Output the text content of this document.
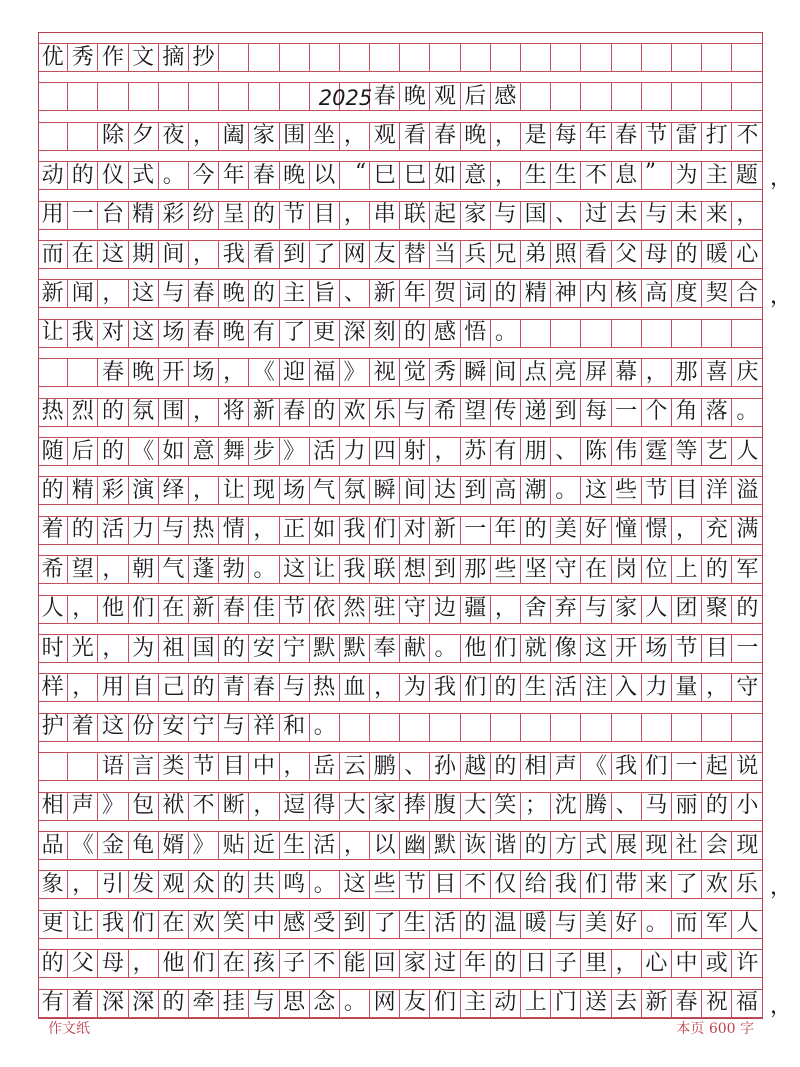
优 秀 作 文 摘 抄
春 晚 观 后 感
2025
除 夕 夜 ， 阖 家 围 坐 ， 观 看 春 晚 ， 是 每 年 春 节 雷 打 不
动 的 仪 式 。 今 年 春 晚 以 “ 巳 巳 如 意 ， 生 生 不 息 ” 为 主 题 ，
用 一 台 精 彩 纷 呈 的 节 目 ， 串 联 起 家 与 国 、 过 去 与 未 来 ，
而 在 这 期 间 ， 我 看 到 了 网 友 替 当 兵 兄 弟 照 看 父 母 的 暖 心
新 闻 ， 这 与 春 晚 的 主 旨 、 新 年 贺 词 的 精 神 内 核 高 度 契 合 ，
让 我 对 这 场 春 晚 有 了 更 深 刻 的 感 悟 。
春 晚 开 场 ， 《 迎 福 》 视 觉 秀 瞬 间 点 亮 屏 幕 ， 那 喜 庆
热 烈 的 氛 围 ， 将 新 春 的 欢 乐 与 希 望 传 递 到 每 一 个 角 落 。
随 后 的 《 如 意 舞 步 》 活 力 四 射 ， 苏 有 朋 、 陈 伟 霆 等 艺 人
的 精 彩 演 绎 ， 让 现 场 气 氛 瞬 间 达 到 高 潮 。 这 些 节 目 洋 溢
着 的 活 力 与 热 情 ， 正 如 我 们 对 新 一 年 的 美 好 憧 憬 ， 充 满
希 望 ， 朝 气 蓬 勃 。 这 让 我 联 想 到 那 些 坚 守 在 岗 位 上 的 军
人 ， 他 们 在 新 春 佳 节 依 然 驻 守 边 疆 ， 舍 弃 与 家 人 团 聚 的
时 光 ， 为 祖 国 的 安 宁 默 默 奉 献 。 他 们 就 像 这 开 场 节 目 一
样 ， 用 自 己 的 青 春 与 热 血 ， 为 我 们 的 生 活 注 入 力 量 ， 守
护 着 这 份 安 宁 与 祥 和 。
语 言 类 节 目 中 ， 岳 云 鹏 、 孙 越 的 相 声 《 我 们 一 起 说
相 声 》 包 袱 不 断 ， 逗 得 大 家 捧 腹 大 笑 ； 沈 腾 、 马 丽 的 小
品 《 金 龟 婿 》 贴 近 生 活 ， 以 幽 默 诙 谐 的 方 式 展 现 社 会 现
象 ， 引 发 观 众 的 共 鸣 。 这 些 节 目 不 仅 给 我 们 带 来 了 欢 乐 ，
更 让 我 们 在 欢 笑 中 感 受 到 了 生 活 的 温 暖 与 美 好 。 而 军 人
的 父 母 ， 他 们 在 孩 子 不 能 回 家 过 年 的 日 子 里 ， 心 中 或 许
有 着 深 深 的 牵 挂 与 思 念 。 网 友 们 主 动 上 门 送 去 新 春 祝 福 ，
作文纸	本页 600 字
